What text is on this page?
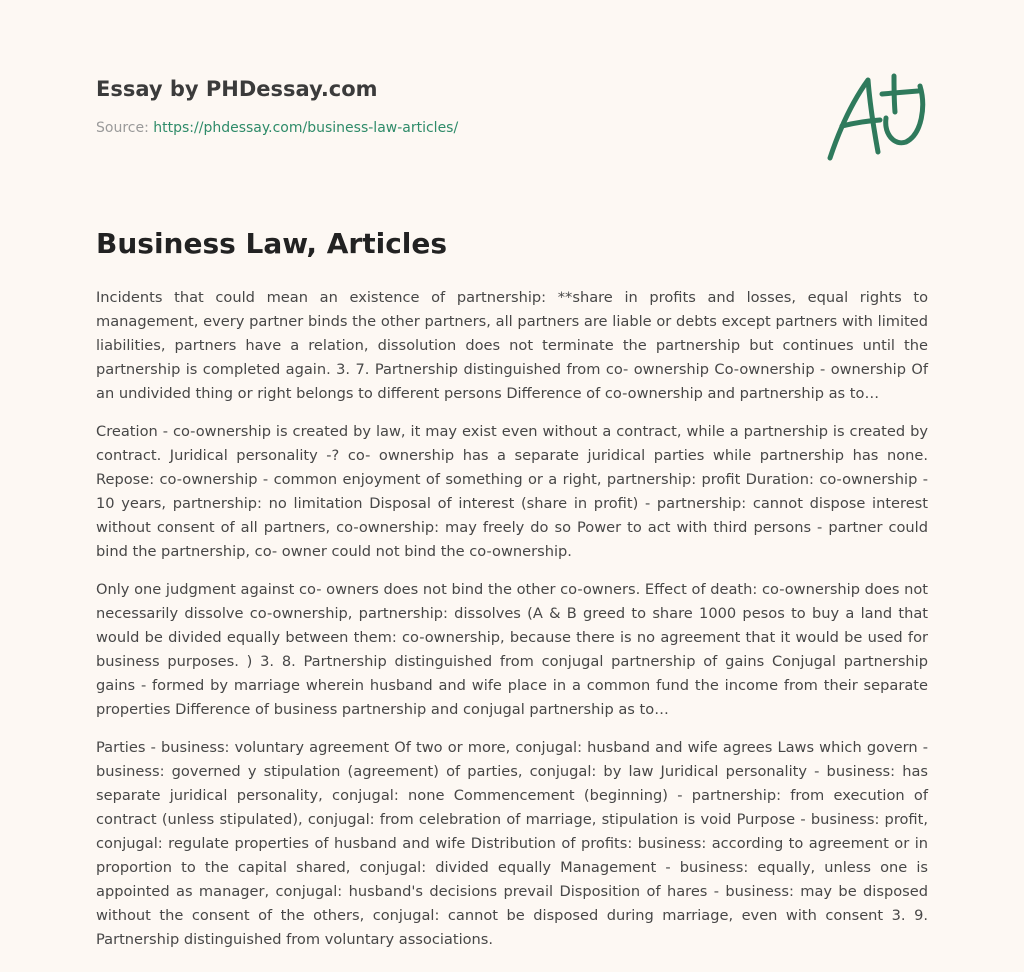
Essay by PHDessay.com
Source: https://phdessay.com/business-law-articles/
Business Law, Articles

Incidents that could mean an existence of partnership: **share in profits and losses, equal rights to management, every partner binds the other partners, all partners are liable or debts except partners with limited liabilities, partners have a relation, dissolution does not terminate the partnership but continues until the partnership is completed again. 3. 7. Partnership distinguished from co- ownership Co-ownership - ownership Of an undivided thing or right belongs to different persons Difference of co-ownership and partnership as to…

Creation - co-ownership is created by law, it may exist even without a contract, while a partnership is created by contract. Juridical personality -? co- ownership has a separate juridical parties while partnership has none. Repose: co-ownership - common enjoyment of something or a right, partnership: profit Duration: co-ownership - 10 years, partnership: no limitation Disposal of interest (share in profit) - partnership: cannot dispose interest without consent of all partners, co-ownership: may freely do so Power to act with third persons - partner could bind the partnership, co- owner could not bind the co-ownership.

Only one judgment against co- owners does not bind the other co-owners. Effect of death: co-ownership does not necessarily dissolve co-ownership, partnership: dissolves (A & B greed to share 1000 pesos to buy a land that would be divided equally between them: co-ownership, because there is no agreement that it would be used for business purposes. ) 3. 8. Partnership distinguished from conjugal partnership of gains Conjugal partnership gains - formed by marriage wherein husband and wife place in a common fund the income from their separate properties Difference of business partnership and conjugal partnership as to…

Parties - business: voluntary agreement Of two or more, conjugal: husband and wife agrees Laws which govern - business: governed y stipulation (agreement) of parties, conjugal: by law Juridical personality - business: has separate juridical personality, conjugal: none Commencement (beginning) - partnership: from execution of contract (unless stipulated), conjugal: from celebration of marriage, stipulation is void Purpose - business: profit, conjugal: regulate properties of husband and wife Distribution of profits: business: according to agreement or in proportion to the capital shared, conjugal: divided equally Management - business: equally, unless one is appointed as manager, conjugal: husband's decisions prevail Disposition of hares - business: may be disposed without the consent of the others, conjugal: cannot be disposed during marriage, even with consent 3. 9. Partnership distinguished from voluntary associations.
